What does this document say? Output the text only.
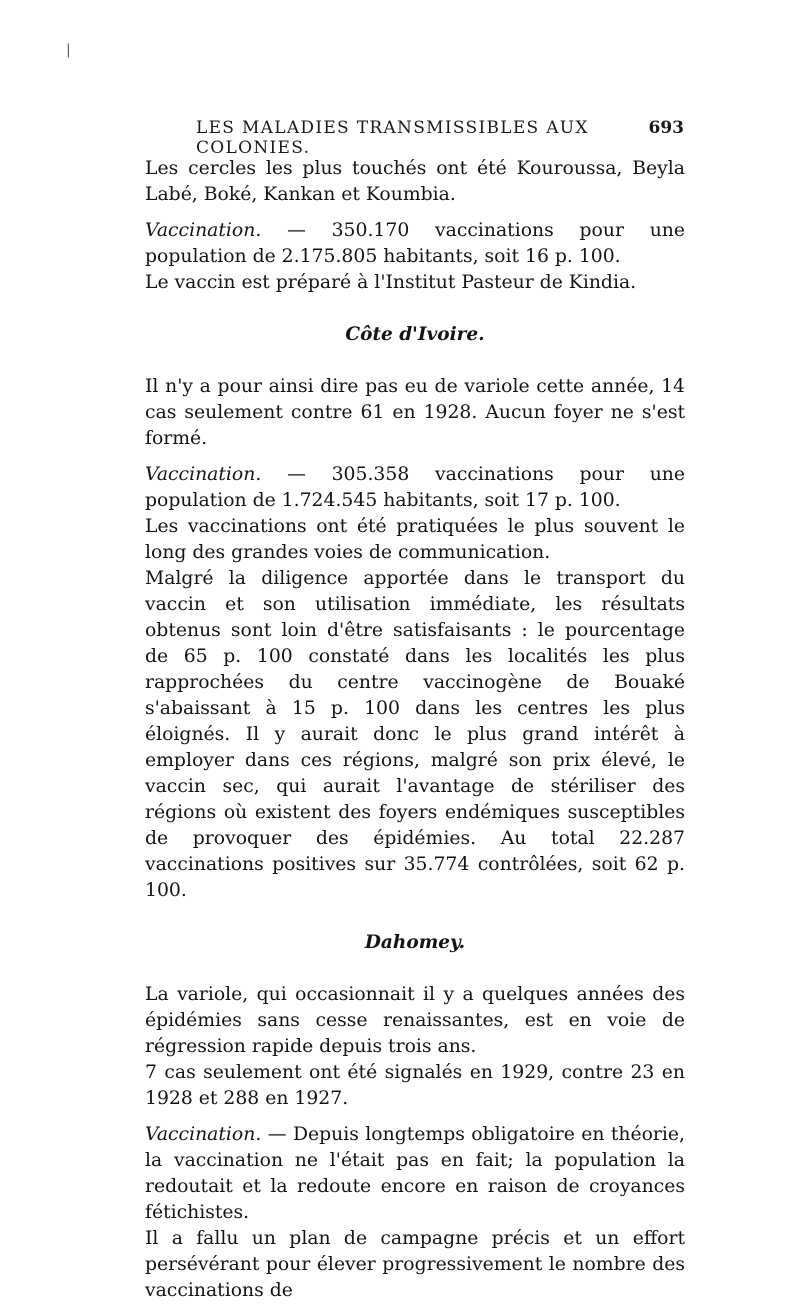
LES MALADIES TRANSMISSIBLES AUX COLONIES.
693

Les cercles les plus touchés ont été Kouroussa, Beyla Labé, Boké, Kankan et Koumbia.

Vaccination. — 350.170 vaccinations pour une population de 2.175.805 habitants, soit 16 p. 100.

Le vaccin est préparé à l'Institut Pasteur de Kindia.

Côte d'Ivoire.

Il n'y a pour ainsi dire pas eu de variole cette année, 14 cas seulement contre 61 en 1928. Aucun foyer ne s'est formé.

Vaccination. — 305.358 vaccinations pour une population de 1.724.545 habitants, soit 17 p. 100.

Les vaccinations ont été pratiquées le plus souvent le long des grandes voies de communication.

Malgré la diligence apportée dans le transport du vaccin et son utilisation immédiate, les résultats obtenus sont loin d'être satisfaisants : le pourcentage de 65 p. 100 constaté dans les localités les plus rapprochées du centre vaccinogène de Bouaké s'abaissant à 15 p. 100 dans les centres les plus éloignés. Il y aurait donc le plus grand intérêt à employer dans ces régions, malgré son prix élevé, le vaccin sec, qui aurait l'avantage de stériliser des régions où existent des foyers endémiques susceptibles de provoquer des épidémies. Au total 22.287 vaccinations positives sur 35.774 contrôlées, soit 62 p. 100.

Dahomey.

La variole, qui occasionnait il y a quelques années des épidémies sans cesse renaissantes, est en voie de régression rapide depuis trois ans.

7 cas seulement ont été signalés en 1929, contre 23 en 1928 et 288 en 1927.

Vaccination. — Depuis longtemps obligatoire en théorie, la vaccination ne l'était pas en fait; la population la redoutait et la redoute encore en raison de croyances fétichistes.

Il a fallu un plan de campagne précis et un effort persévérant pour élever progressivement le nombre des vaccinations de

|
